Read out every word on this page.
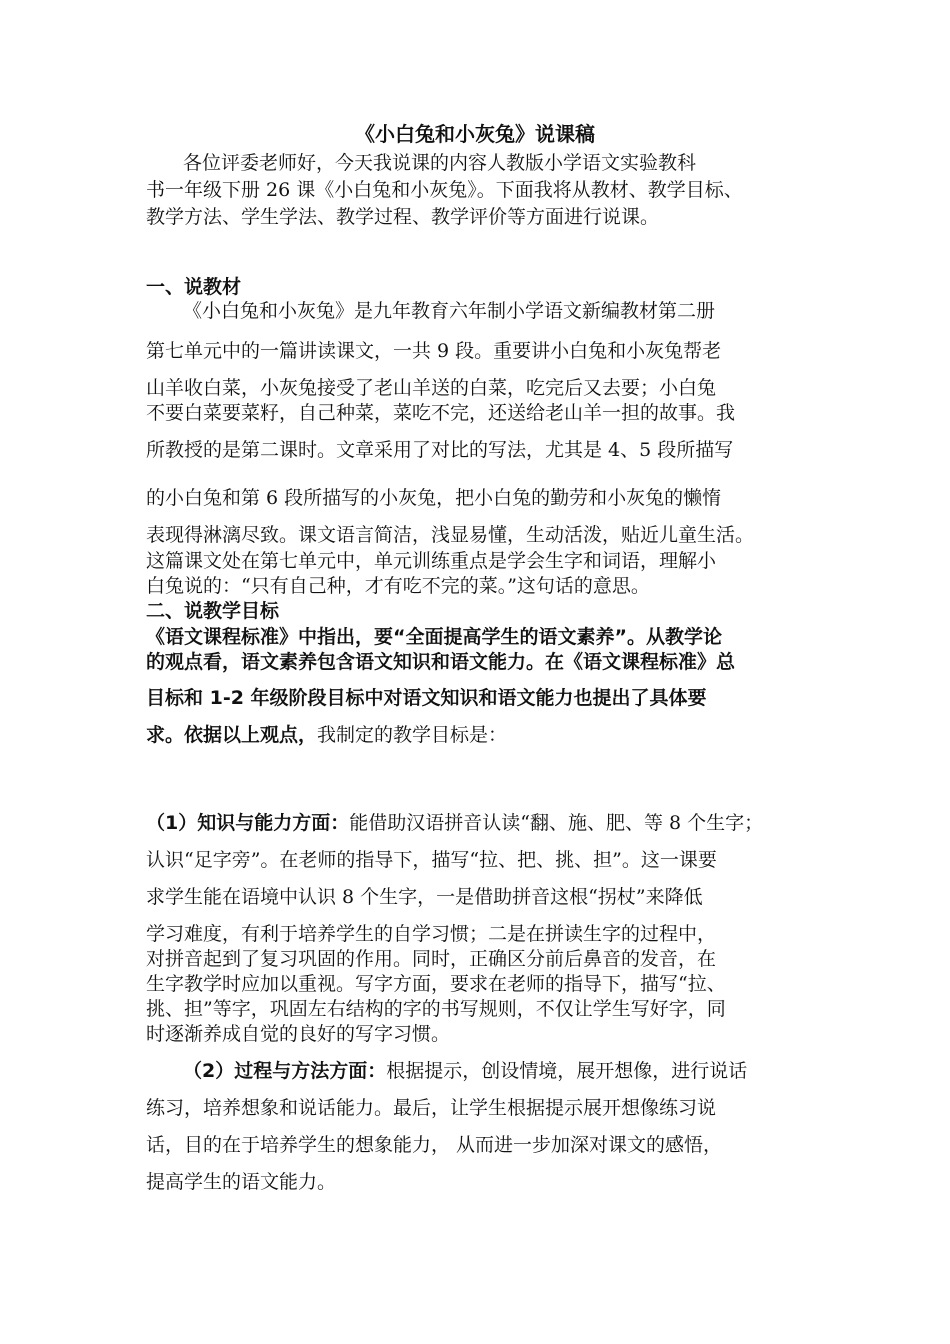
《小白兔和小灰兔》说课稿
各位评委老师好，今天我说课的内容人教版小学语文实验教科
书一年级下册 26 课《小白兔和小灰兔》。下面我将从教材、教学目标、
教学方法、学生学法、教学过程、教学评价等方面进行说课。
一、说教材
《小白兔和小灰兔》是九年教育六年制小学语文新编教材第二册
第七单元中的一篇讲读课文，一共 9 段。重要讲小白兔和小灰兔帮老
山羊收白菜，小灰兔接受了老山羊送的白菜，吃完后又去要；小白兔
不要白菜要菜籽，自己种菜，菜吃不完，还送给老山羊一担的故事。我
所教授的是第二课时。文章采用了对比的写法，尤其是 4、5 段所描写
的小白兔和第 6 段所描写的小灰兔，把小白兔的勤劳和小灰兔的懒惰
表现得淋漓尽致。课文语言简洁，浅显易懂，生动活泼，贴近儿童生活。
这篇课文处在第七单元中，单元训练重点是学会生字和词语，理解小
白兔说的：“只有自己种，才有吃不完的菜。”这句话的意思。
二、说教学目标
《语文课程标准》中指出，要“全面提高学生的语文素养”。从教学论
的观点看，语文素养包含语文知识和语文能力。在《语文课程标准》总
目标和 1-2 年级阶段目标中对语文知识和语文能力也提出了具体要
求。依据以上观点，我制定的教学目标是：
（1）知识与能力方面：能借助汉语拼音认读“翻、施、肥、等 8 个生字；
认识“足字旁”。在老师的指导下，描写“拉、把、挑、担”。这一课要
求学生能在语境中认识 8 个生字，一是借助拼音这根“拐杖”来降低
学习难度，有利于培养学生的自学习惯；二是在拼读生字的过程中，
对拼音起到了复习巩固的作用。同时，正确区分前后鼻音的发音，在
生字教学时应加以重视。写字方面，要求在老师的指导下，描写“拉、
挑、担”等字，巩固左右结构的字的书写规则，不仅让学生写好字，同
时逐渐养成自觉的良好的写字习惯。
（2）过程与方法方面：根据提示，创设情境，展开想像，进行说话
练习，培养想象和说话能力。最后，让学生根据提示展开想像练习说
话，目的在于培养学生的想象能力， 从而进一步加深对课文的感悟，
提高学生的语文能力。
